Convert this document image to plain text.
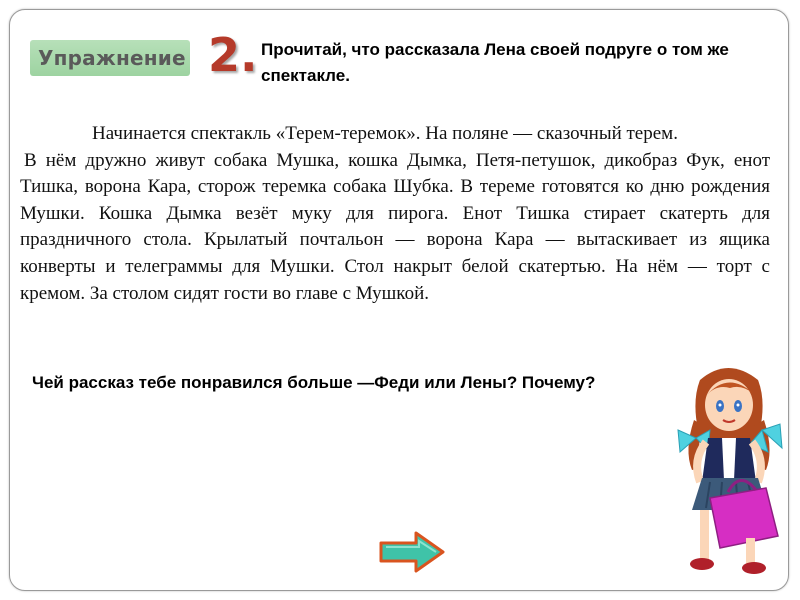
Упражнение 2. Прочитай, что рассказала Лена своей подруге о том же спектакле.

Начинается спектакль «Терем-теремок». На поляне — сказочный терем.

В нём дружно живут собака Мушка, кошка Дымка, Петя-петушок, дикобраз Фук, енот Тишка, ворона Кара, сторож теремка собака Шубка. В тереме готовятся ко дню рождения Мушки. Кошка Дымка везёт муку для пирога. Енот Тишка стирает скатерть для праздничного стола. Крылатый почтальон — ворона Кара — вытаскивает из ящика конверты и телеграммы для Мушки. Стол накрыт белой скатертью. На нём — торт с кремом. За столом сидят гости во главе с Мушкой.

Чей рассказ тебе понравился больше —Феди или Лены? Почему?
